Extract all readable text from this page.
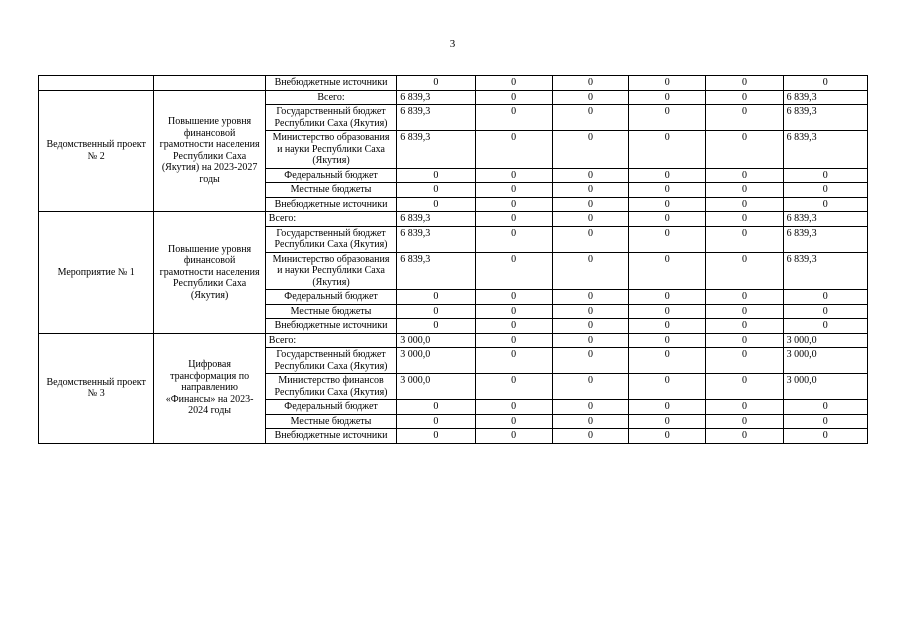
3
		Внебюджетные источники	0	0	0	0	0	0
Ведомственный проект № 2	Повышение уровня финансовой грамотности населения Республики Саха (Якутия) на 2023-2027 годы	Всего:	6 839,3	0	0	0	0	6 839,3
		Государственный бюджет Республики Саха (Якутия)	6 839,3	0	0	0	0	6 839,3
		Министерство образования и науки Республики Саха (Якутия)	6 839,3	0	0	0	0	6 839,3
		Федеральный бюджет	0	0	0	0	0	0
		Местные бюджеты	0	0	0	0	0	0
		Внебюджетные источники	0	0	0	0	0	0
Мероприятие № 1	Повышение уровня финансовой грамотности населения Республики Саха (Якутия)	Всего:	6 839,3	0	0	0	0	6 839,3
		Государственный бюджет Республики Саха (Якутия)	6 839,3	0	0	0	0	6 839,3
		Министерство образования и науки Республики Саха (Якутия)	6 839,3	0	0	0	0	6 839,3
		Федеральный бюджет	0	0	0	0	0	0
		Местные бюджеты	0	0	0	0	0	0
		Внебюджетные источники	0	0	0	0	0	0
Ведомственный проект № 3	Цифровая трансформация по направлению «Финансы» на 2023-2024 годы	Всего:	3 000,0	0	0	0	0	3 000,0
		Государственный бюджет Республики Саха (Якутия)	3 000,0	0	0	0	0	3 000,0
		Министерство финансов Республики Саха (Якутия)	3 000,0	0	0	0	0	3 000,0
		Федеральный бюджет	0	0	0	0	0	0
		Местные бюджеты	0	0	0	0	0	0
		Внебюджетные источники	0	0	0	0	0	0
